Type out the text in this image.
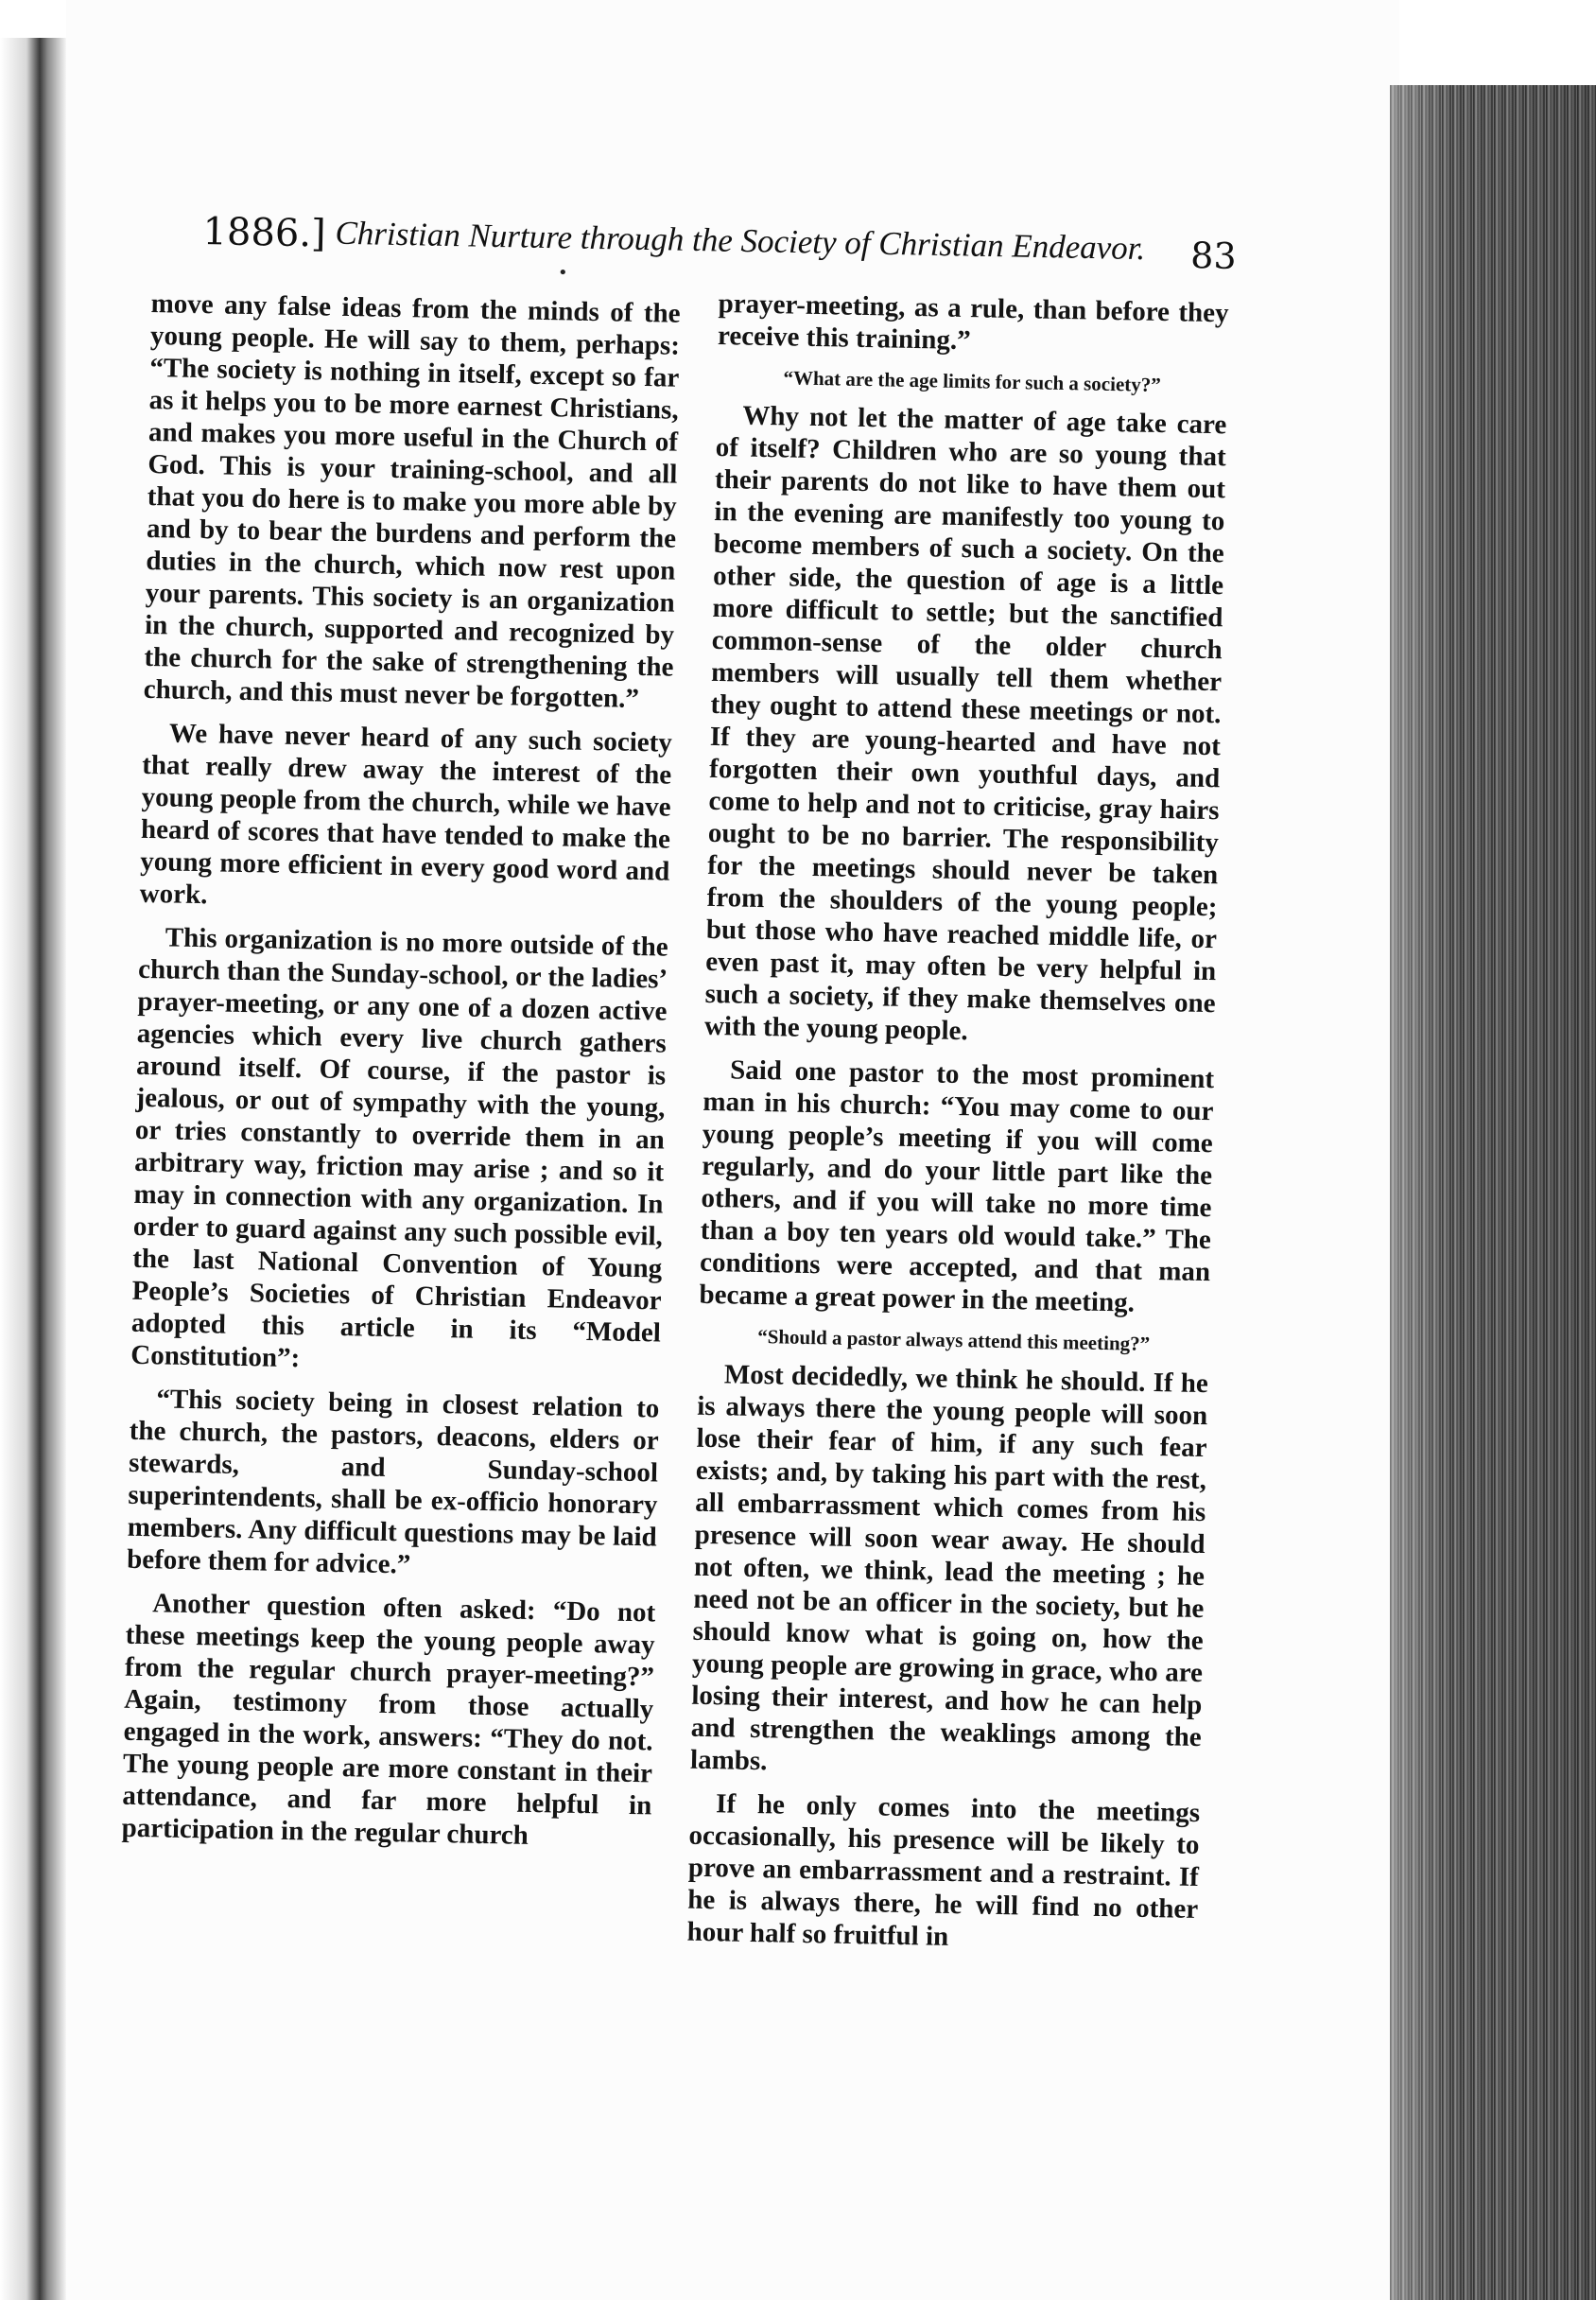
1886.] Christian Nurture through the Society of Christian Endeavor. 83
•

move any false ideas from the minds of the young people. He will say to them, perhaps: “The society is nothing in itself, except so far as it helps you to be more earnest Christians, and makes you more useful in the Church of God. This is your training-school, and all that you do here is to make you more able by and by to bear the burdens and perform the duties in the church, which now rest upon your parents. This society is an organization in the church, supported and recognized by the church for the sake of strengthening the church, and this must never be forgotten.”

We have never heard of any such society that really drew away the interest of the young people from the church, while we have heard of scores that have tended to make the young more efficient in every good word and work.

This organization is no more outside of the church than the Sunday-school, or the ladies’ prayer-meeting, or any one of a dozen active agencies which every live church gathers around itself. Of course, if the pastor is jealous, or out of sympathy with the young, or tries constantly to override them in an arbitrary way, friction may arise ; and so it may in connection with any organization. In order to guard against any such possible evil, the last National Convention of Young People’s Societies of Christian Endeavor adopted this article in its “Model Constitution”:

“This society being in closest relation to the church, the pastors, deacons, elders or stewards, and Sunday-school superintendents, shall be ex-officio honorary members. Any difficult questions may be laid before them for advice.”

Another question often asked: “Do not these meetings keep the young people away from the regular church prayer-meeting?” Again, testimony from those actually engaged in the work, answers: “They do not. The young people are more constant in their attendance, and far more helpful in participation in the regular church

prayer-meeting, as a rule, than before they receive this training.”

“What are the age limits for such a society?”

Why not let the matter of age take care of itself? Children who are so young that their parents do not like to have them out in the evening are manifestly too young to become members of such a society. On the other side, the question of age is a little more difficult to settle; but the sanctified common-sense of the older church members will usually tell them whether they ought to attend these meetings or not. If they are young-hearted and have not forgotten their own youthful days, and come to help and not to criticise, gray hairs ought to be no barrier. The responsibility for the meetings should never be taken from the shoulders of the young people; but those who have reached middle life, or even past it, may often be very helpful in such a society, if they make themselves one with the young people.

Said one pastor to the most prominent man in his church: “You may come to our young people’s meeting if you will come regularly, and do your little part like the others, and if you will take no more time than a boy ten years old would take.” The conditions were accepted, and that man became a great power in the meeting.

“Should a pastor always attend this meeting?”

Most decidedly, we think he should. If he is always there the young people will soon lose their fear of him, if any such fear exists; and, by taking his part with the rest, all embarrassment which comes from his presence will soon wear away. He should not often, we think, lead the meeting ; he need not be an officer in the society, but he should know what is going on, how the young people are growing in grace, who are losing their interest, and how he can help and strengthen the weaklings among the lambs.

If he only comes into the meetings occasionally, his presence will be likely to prove an embarrassment and a restraint. If he is always there, he will find no other hour half so fruitful in
